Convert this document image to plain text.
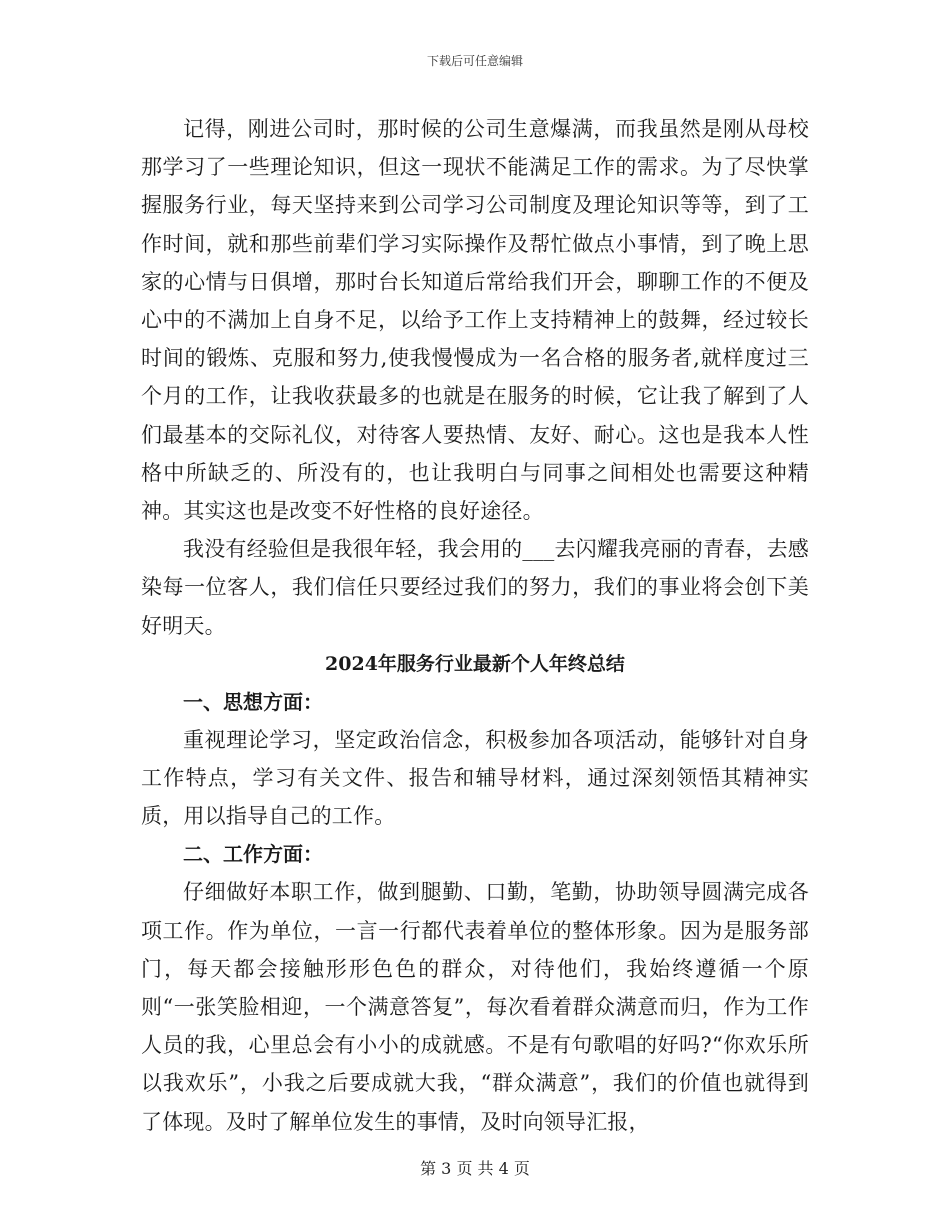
下载后可任意编辑

记得，刚进公司时，那时候的公司生意爆满，而我虽然是刚从母校那学习了一些理论知识，但这一现状不能满足工作的需求。为了尽快掌握服务行业，每天坚持来到公司学习公司制度及理论知识等等，到了工作时间，就和那些前辈们学习实际操作及帮忙做点小事情，到了晚上思家的心情与日俱增，那时台长知道后常给我们开会，聊聊工作的不便及心中的不满加上自身不足，以给予工作上支持精神上的鼓舞，经过较长时间的锻炼、克服和努力,使我慢慢成为一名合格的服务者,就样度过三个月的工作，让我收获最多的也就是在服务的时候，它让我了解到了人们最基本的交际礼仪，对待客人要热情、友好、耐心。这也是我本人性格中所缺乏的、所没有的，也让我明白与同事之间相处也需要这种精神。其实这也是改变不好性格的良好途径。

我没有经验但是我很年轻，我会用的___去闪耀我亮丽的青春，去感染每一位客人，我们信任只要经过我们的努力，我们的事业将会创下美好明天。

2024年服务行业最新个人年终总结

一、思想方面：

重视理论学习，坚定政治信念，积极参加各项活动，能够针对自身工作特点，学习有关文件、报告和辅导材料，通过深刻领悟其精神实质，用以指导自己的工作。

二、工作方面：

仔细做好本职工作，做到腿勤、口勤，笔勤，协助领导圆满完成各项工作。作为单位，一言一行都代表着单位的整体形象。因为是服务部门，每天都会接触形形色色的群众，对待他们，我始终遵循一个原则“一张笑脸相迎，一个满意答复”，每次看着群众满意而归，作为工作人员的我，心里总会有小小的成就感。不是有句歌唱的好吗?“你欢乐所以我欢乐”，小我之后要成就大我，“群众满意”，我们的价值也就得到了体现。及时了解单位发生的事情，及时向领导汇报，

第 3 页 共 4 页
